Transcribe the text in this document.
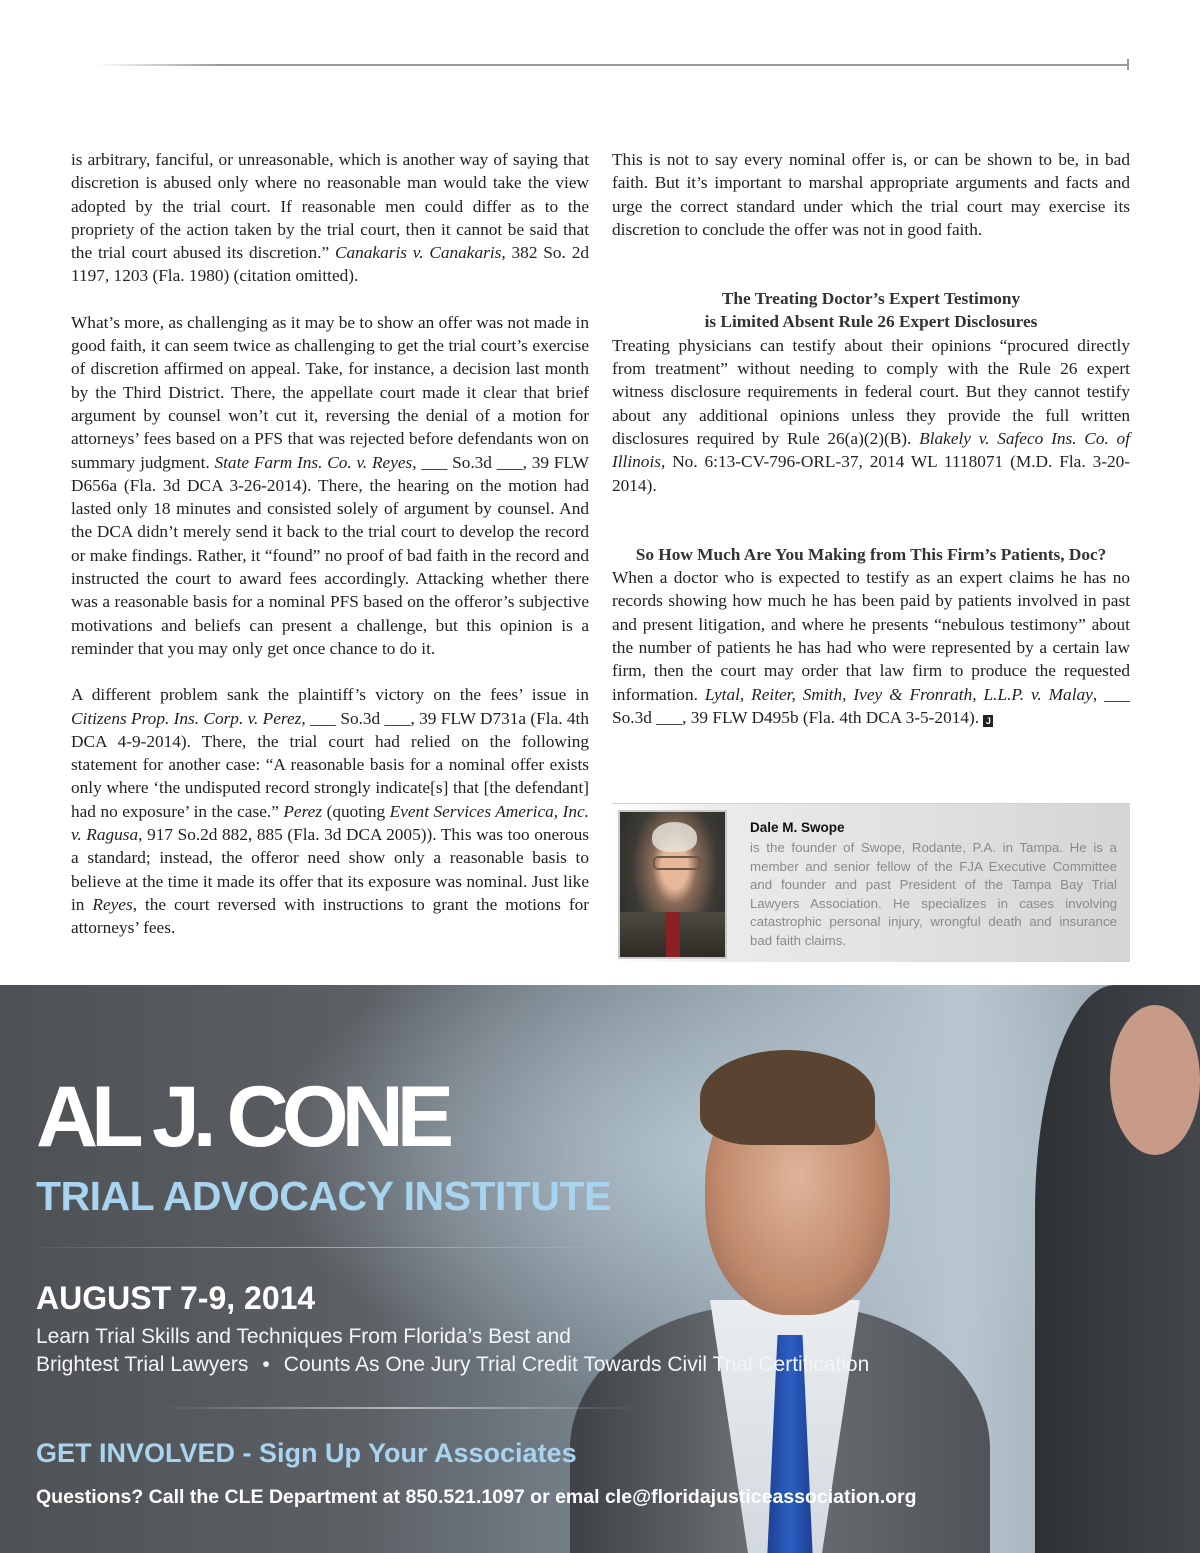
is arbitrary, fanciful, or unreasonable, which is another way of saying that discretion is abused only where no reasonable man would take the view adopted by the trial court. If reasonable men could differ as to the propriety of the action taken by the trial court, then it cannot be said that the trial court abused its discretion.” Canakaris v. Canakaris, 382 So. 2d 1197, 1203 (Fla. 1980) (citation omitted).

What’s more, as challenging as it may be to show an offer was not made in good faith, it can seem twice as challenging to get the trial court’s exercise of discretion affirmed on appeal. Take, for instance, a decision last month by the Third District. There, the appellate court made it clear that brief argument by counsel won’t cut it, reversing the denial of a motion for attorneys’ fees based on a PFS that was rejected before defendants won on summary judgment. State Farm Ins. Co. v. Reyes, ___ So.3d ___, 39 FLW D656a (Fla. 3d DCA 3-26-2014). There, the hearing on the motion had lasted only 18 minutes and consisted solely of argument by counsel. And the DCA didn’t merely send it back to the trial court to develop the record or make findings. Rather, it “found” no proof of bad faith in the record and instructed the court to award fees accordingly. Attacking whether there was a reasonable basis for a nominal PFS based on the offeror’s subjective motivations and beliefs can present a challenge, but this opinion is a reminder that you may only get once chance to do it.

A different problem sank the plaintiff’s victory on the fees’ issue in Citizens Prop. Ins. Corp. v. Perez, ___ So.3d ___, 39 FLW D731a (Fla. 4th DCA 4-9-2014). There, the trial court had relied on the following statement for another case: “A reasonable basis for a nominal offer exists only where ‘the undisputed record strongly indicate[s] that [the defendant] had no exposure’ in the case.” Perez (quoting Event Services America, Inc. v. Ragusa, 917 So.2d 882, 885 (Fla. 3d DCA 2005)). This was too onerous a standard; instead, the offeror need show only a reasonable basis to believe at the time it made its offer that its exposure was nominal. Just like in Reyes, the court reversed with instructions to grant the motions for attorneys’ fees.

This is not to say every nominal offer is, or can be shown to be, in bad faith. But it’s important to marshal appropriate arguments and facts and urge the correct standard under which the trial court may exercise its discretion to conclude the offer was not in good faith.

The Treating Doctor’s Expert Testimony
is Limited Absent Rule 26 Expert Disclosures

Treating physicians can testify about their opinions “procured directly from treatment” without needing to comply with the Rule 26 expert witness disclosure requirements in federal court. But they cannot testify about any additional opinions unless they provide the full written disclosures required by Rule 26(a)(2)(B). Blakely v. Safeco Ins. Co. of Illinois, No. 6:13-CV-796-ORL-37, 2014 WL 1118071 (M.D. Fla. 3-20-2014).

So How Much Are You Making from This Firm’s Patients, Doc?

When a doctor who is expected to testify as an expert claims he has no records showing how much he has been paid by patients involved in past and present litigation, and where he presents “nebulous testimony” about the number of patients he has had who were represented by a certain law firm, then the court may order that law firm to produce the requested information. Lytal, Reiter, Smith, Ivey & Fronrath, L.L.P. v. Malay, ___ So.3d ___, 39 FLW D495b (Fla. 4th DCA 3-5-2014). J

Dale M. Swope
is the founder of Swope, Rodante, P.A. in Tampa. He is a member and senior fellow of the FJA Executive Committee and founder and past President of the Tampa Bay Trial Lawyers Association. He specializes in cases involving catastrophic personal injury, wrongful death and insurance bad faith claims.
AL J. CONE
TRIAL ADVOCACY INSTITUTE
AUGUST 7-9, 2014
Learn Trial Skills and Techniques From Florida’s Best and
Brightest Trial Lawyers • Counts As One Jury Trial Credit Towards Civil Trial Certification
GET INVOLVED - Sign Up Your Associates
Questions? Call the CLE Department at 850.521.1097 or emal cle@floridajusticeassociation.org
